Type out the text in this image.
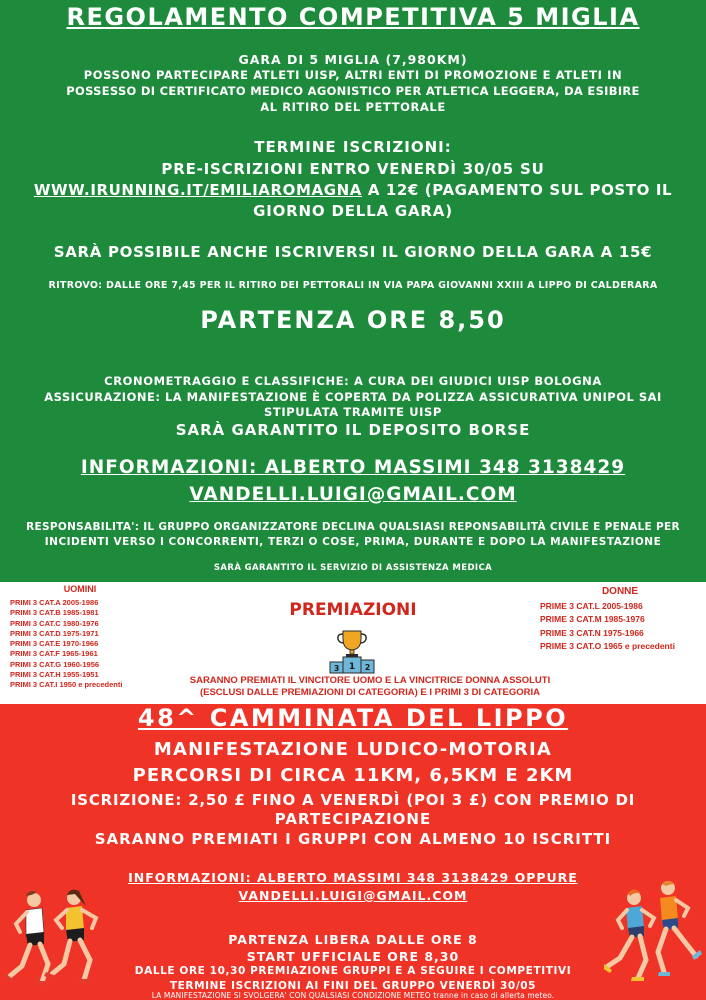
REGOLAMENTO COMPETITIVA 5 MIGLIA
GARA DI 5 MIGLIA (7,980KM)
POSSONO PARTECIPARE ATLETI UISP, ALTRI ENTI DI PROMOZIONE E ATLETI IN
POSSESSO DI CERTIFICATO MEDICO AGONISTICO PER ATLETICA LEGGERA, DA ESIBIRE
AL RITIRO DEL PETTORALE
TERMINE ISCRIZIONI:
PRE-ISCRIZIONI ENTRO VENERDÌ 30/05 SU
WWW.IRUNNING.IT/EMILIAROMAGNA A 12€ (PAGAMENTO SUL POSTO IL
GIORNO DELLA GARA)
SARÀ POSSIBILE ANCHE ISCRIVERSI IL GIORNO DELLA GARA A 15€
RITROVO: DALLE ORE 7,45 PER IL RITIRO DEI PETTORALI IN VIA PAPA GIOVANNI XXIII A LIPPO DI CALDERARA
PARTENZA ORE 8,50
CRONOMETRAGGIO E CLASSIFICHE: A CURA DEI GIUDICI UISP BOLOGNA
ASSICURAZIONE: LA MANIFESTAZIONE È COPERTA DA POLIZZA ASSICURATIVA UNIPOL SAI
STIPULATA TRAMITE UISP
SARÀ GARANTITO IL DEPOSITO BORSE
INFORMAZIONI: ALBERTO MASSIMI 348 3138429
VANDELLI.LUIGI@GMAIL.COM
RESPONSABILITA': IL GRUPPO ORGANIZZATORE DECLINA QUALSIASI REPONSABILITÀ CIVILE E PENALE PER
INCIDENTI VERSO I CONCORRENTI, TERZI O COSE, PRIMA, DURANTE E DOPO LA MANIFESTAZIONE
SARÀ GARANTITO IL SERVIZIO DI ASSISTENZA MEDICA
UOMINI
PRIMI 3 CAT.A 2005-1986
PRIMI 3 CAT.B 1985-1981
PRIMI 3 CAT.C 1980-1976
PRIMI 3 CAT.D 1975-1971
PRIMI 3 CAT.E 1970-1966
PRIMI 3 CAT.F 1965-1961
PRIMI 3 CAT.G 1960-1956
PRIMI 3 CAT.H 1955-1951
PRIMI 3 CAT.I 1950 e precedenti
PREMIAZIONI
3 1 2
DONNE
PRIME 3 CAT.L 2005-1986
PRIME 3 CAT.M 1985-1976
PRIME 3 CAT.N 1975-1966
PRIME 3 CAT.O 1965 e precedenti
SARANNO PREMIATI IL VINCITORE UOMO E LA VINCITRICE DONNA ASSOLUTI
(ESCLUSI DALLE PREMIAZIONI DI CATEGORIA) E I PRIMI 3 DI CATEGORIA
48^ CAMMINATA DEL LIPPO
MANIFESTAZIONE LUDICO-MOTORIA
PERCORSI DI CIRCA 11KM, 6,5KM E 2KM
ISCRIZIONE: 2,50 £ FINO A VENERDÌ (POI 3 £) CON PREMIO DI
PARTECIPAZIONE
SARANNO PREMIATI I GRUPPI CON ALMENO 10 ISCRITTI
INFORMAZIONI: ALBERTO MASSIMI 348 3138429 OPPURE
VANDELLI.LUIGI@GMAIL.COM
PARTENZA LIBERA DALLE ORE 8
START UFFICIALE ORE 8,30
DALLE ORE 10,30 PREMIAZIONE GRUPPI E A SEGUIRE I COMPETITIVI
TERMINE ISCRIZIONI AI FINI DEL GRUPPO VENERDÌ 30/05
LA MANIFESTAZIONE SI SVOLGERA' CON QUALSIASI CONDIZIONE METEO tranne in caso di allerta meteo.
